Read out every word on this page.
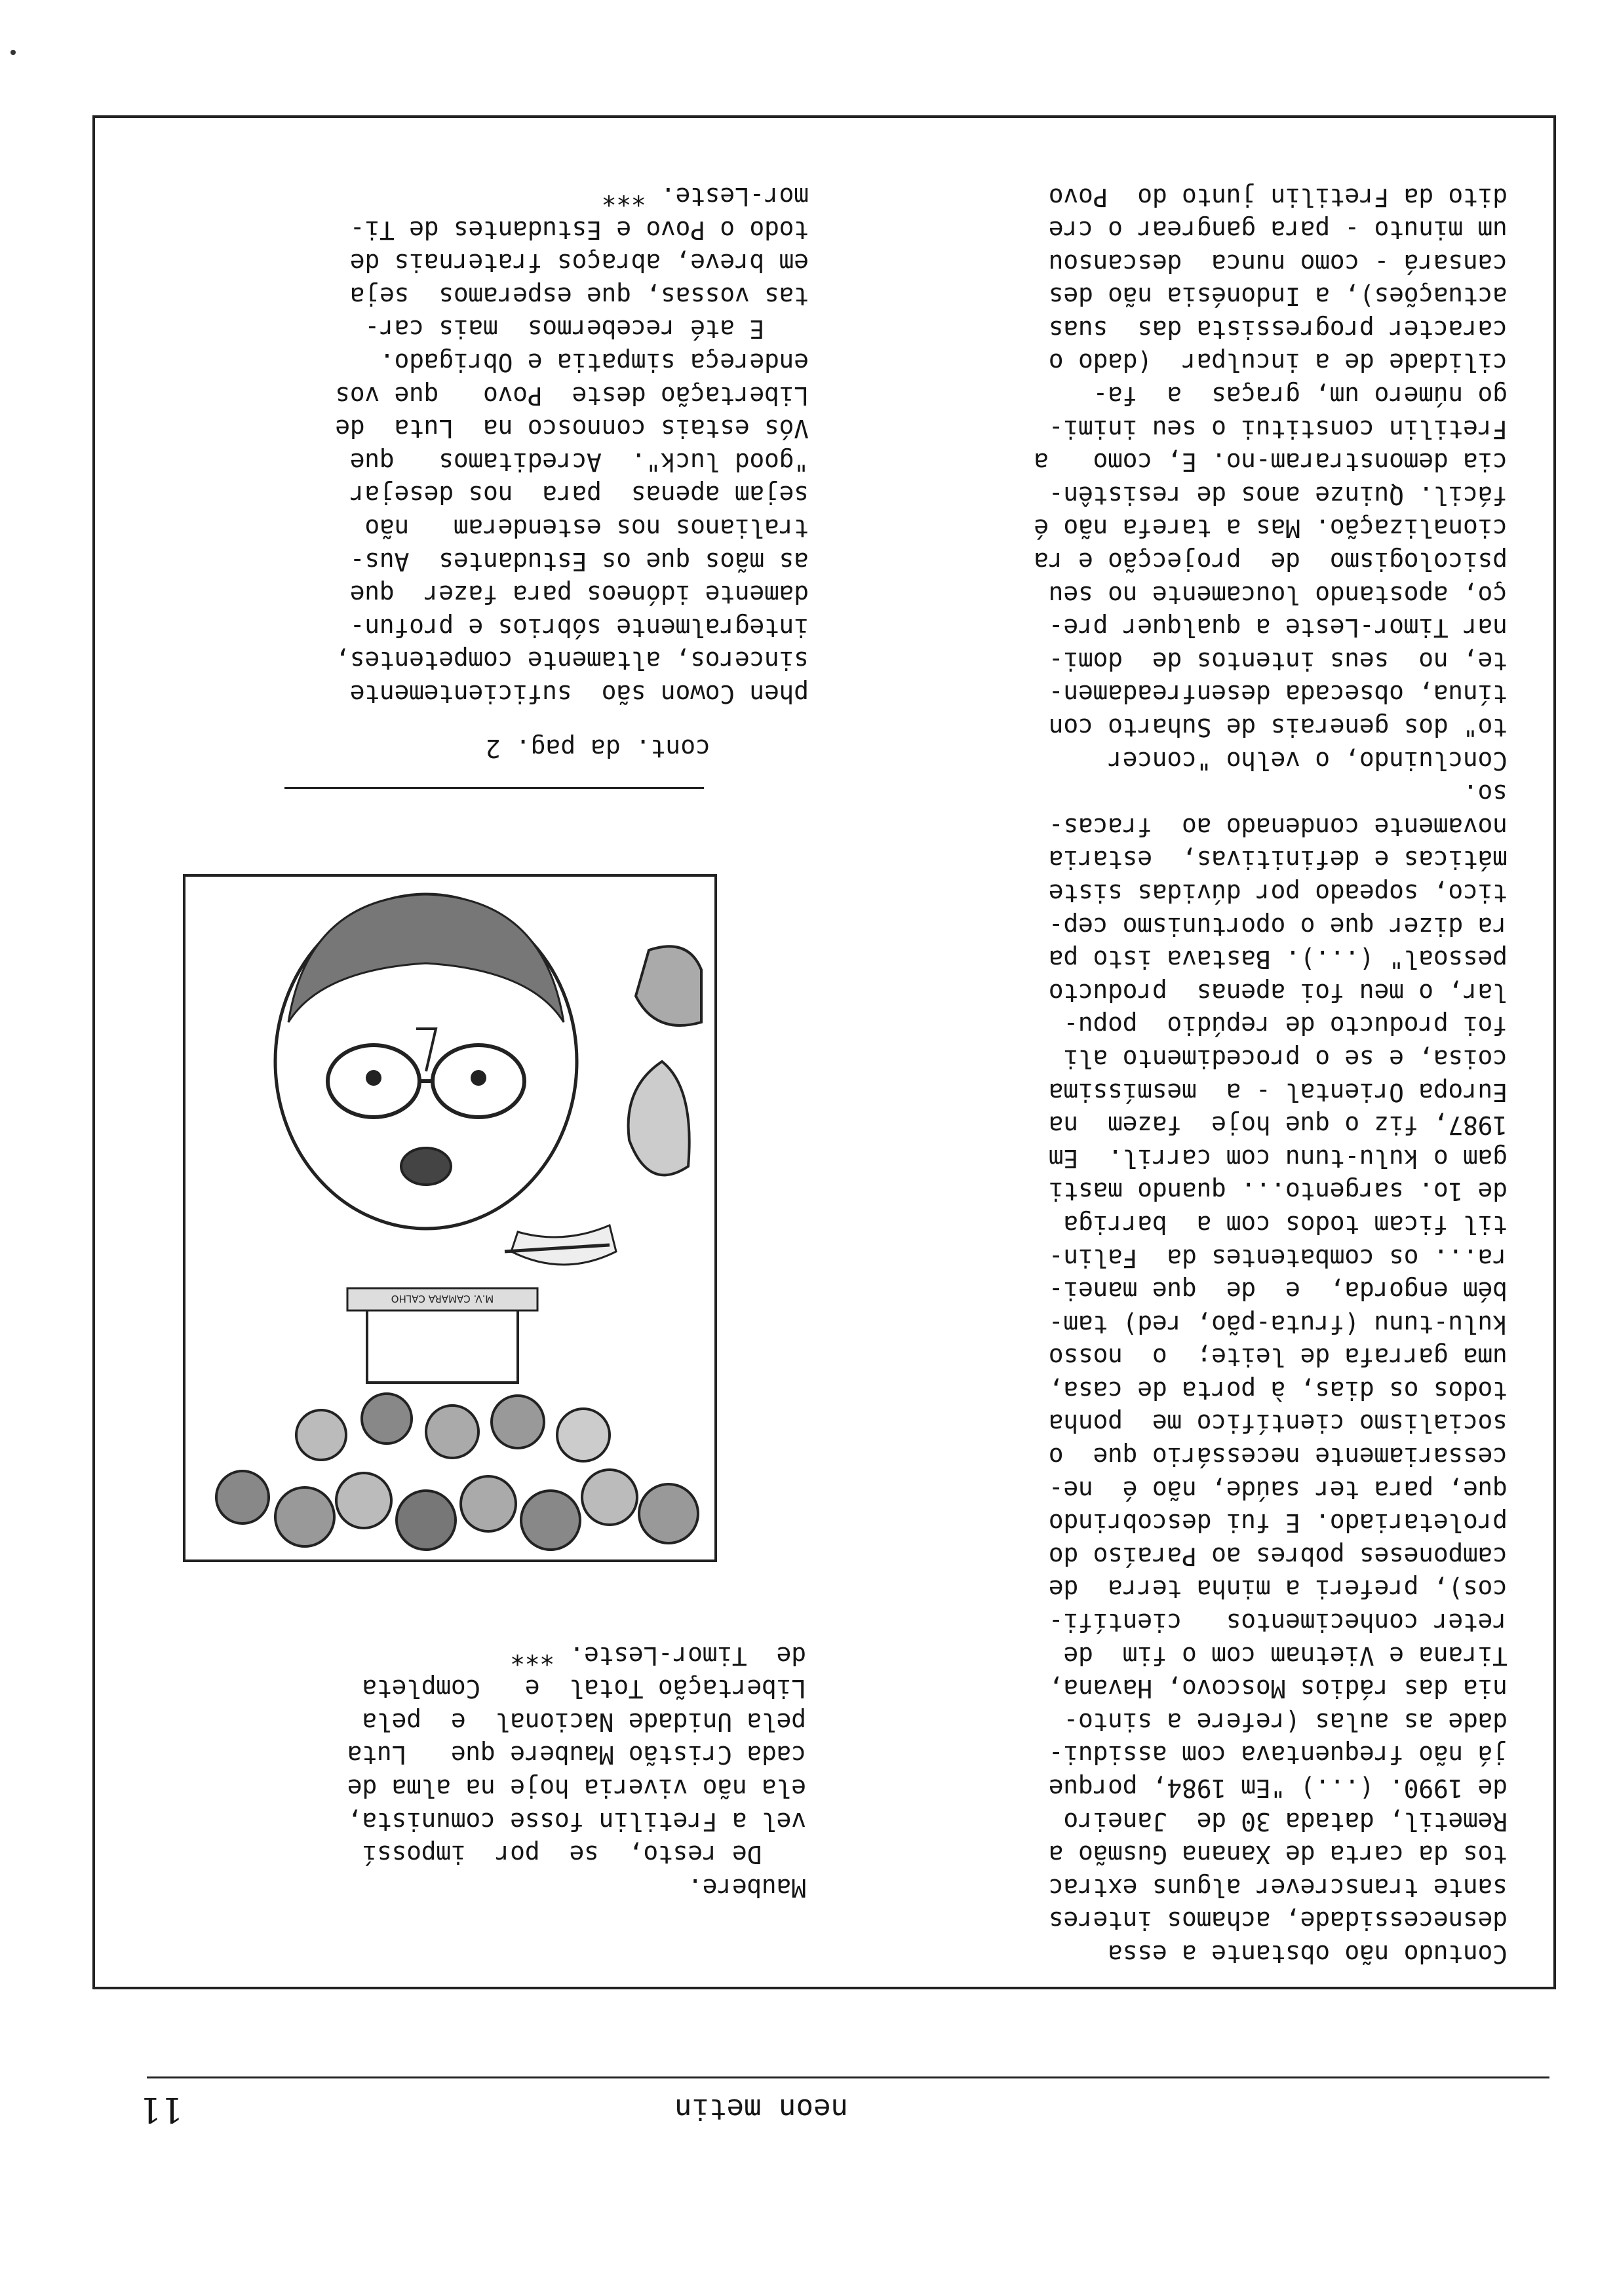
neon metin
11

Contudo não obstante a essa

desnecessidade, achamos interes

sante transcrever alguns extrac

tos da carta de Xanana Gusmão a

Remetil, datada 30 de  Janeiro

de 1990. (...) "Em 1984, porque

já não frequentava com assidui-

dade as aulas (refere a sinto-

nia das rádios Moscovo, Havana,

Tirana e Vietnam com o fim  de

reter conhecimentos   científi-

cos), preferi a minha terra  de

camponeses pobres ao Paraíso do

proletariado. E fui descobrindo

que, para ter saúde, não é  ne-

cessariamente necessário que  o

socialismo científico me  ponha

todos os dias, à porta de casa,

uma garrafa de leite;  o  nosso

kulu-tunu (fruta-pão, red) tam-

bém engorda,  e  de  que manei-

ra... os combatentes da  Falin-

til ficam todos com a  barriga

de 1o. sargento... quando masti

gam o kulu-tunu com carril.  Em

1987, fiz o que hoje  fazem  na

Europa Oriental - a  mesmíssima

coisa, e se o procedimento ali

foi producto de repúdio  popu-

lar, o meu foi apenas  producto

pessoal" (...). Bastava isto pa

ra dizer que o oportunismo cep-

tico, sopeado por dúvidas siste

máticas e definitivas,  estaria

novamente condenado ao  fracas-

so.

Concluindo, o velho "concer

to" dos generais de Suharto con

tínua, obsecada desenfreadamen-

te, no  seus intentos de  domi-

nar Timor-Leste a qualquer pre-

ço, apostando loucamente no seu

psicologismo  de  projecção e ra

cionalização. Mas a tarefa não é

fácil. Quinze anos de resistên-

cia demonstraram-no. E, como   a

Fretilin constitui o seu inimi-

go número um, graças  a  fa-

cilidade de a inculpar  (dado o

caracter progressista das  suas

actuações), a Indonésia não des

cansará - como nunca  descansou

um minuto - para gangrear o cre

dito da Fretilin junto do  Povo

Maubere.

De resto,  se  por  impossí

vel a Fretilin fosse comunista,

ela não viveria hoje na alma de

cada Cristão Maubere que   Luta

pela Unidade Nacional  e  pela

Libertação Total  e   Completa

de  Timor-Leste. ***

M.V. CAMARA CALHO
cont. da pag. 2

phen Cowon são  suficientemente

sinceros, altamente competentes,

integralmente sóbrios e profun-

damente idóneos para fazer  que

as mãos que os Estudantes  Aus-

tralianos nos estenderam   não

sejam apenas  para  nos desejar

"good luck".  Acreditamos   que

Vós estais connosco na  Luta  de

Libertação deste  Povo   que vos

endereça simpatia e Obrigado.

E até recebermos  mais car-

tas vossas, que esperamos  seja

em breve, abraços fraternais de

todo o Povo e Estudantes de Ti-

mor-Leste. ***
